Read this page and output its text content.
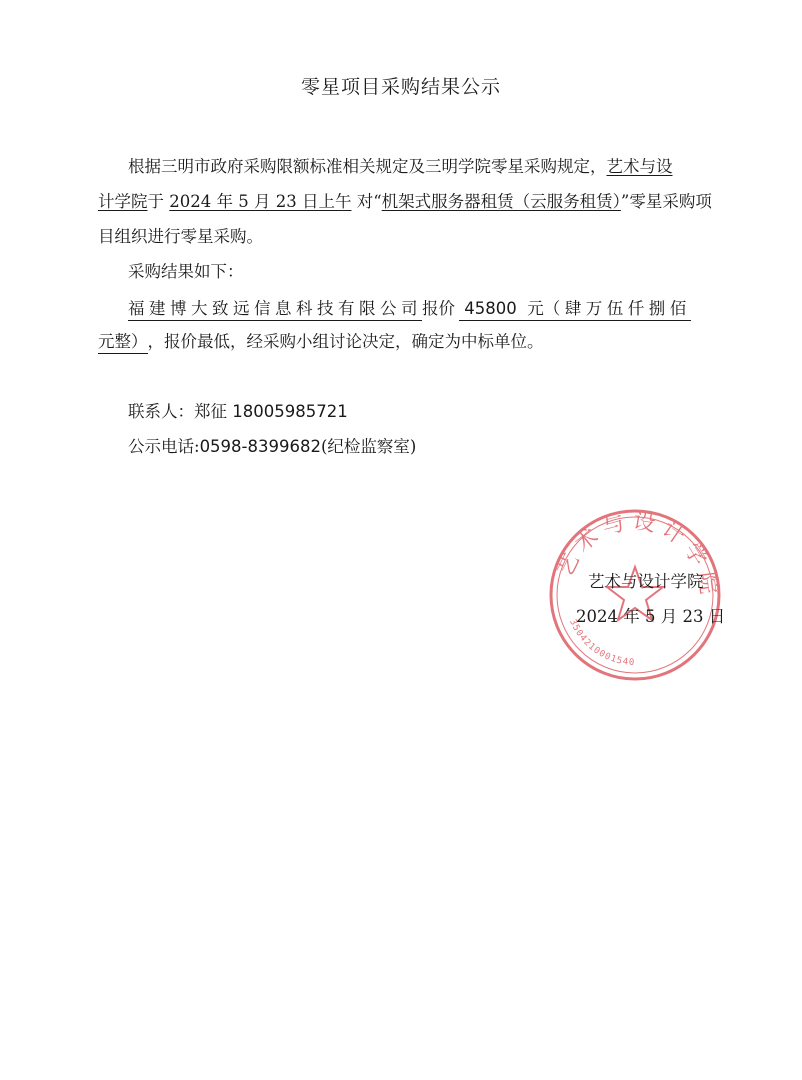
零星项目采购结果公示
根据三明市政府采购限额标准相关规定及三明学院零星采购规定，艺术与设
计学院于 2024 年 5 月 23 日上午 对“机架式服务器租赁（云服务租赁）”零星采购项
目组织进行零星采购。
采购结果如下：
福建博大致远信息科技有限公司报价 45800  元（肆万伍仟捌佰
元整），报价最低，经采购小组讨论决定，确定为中标单位。
联系人：郑征 18005985721
公示电话:0598-8399682(纪检监察室)
艺术与设计学院
3504210001540
艺术与设计学院
2024 年 5 月 23 日
